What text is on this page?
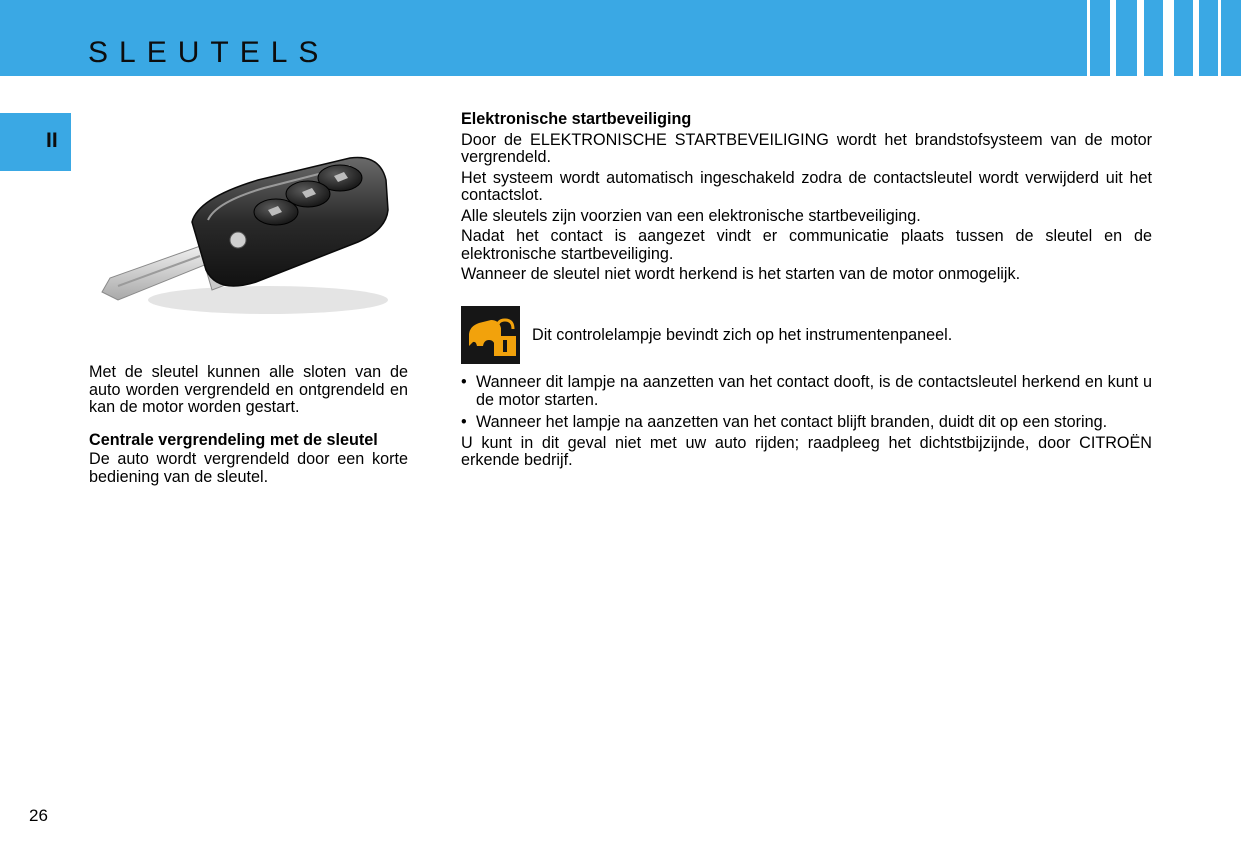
SLEUTELS
II

Met de sleutel kunnen alle sloten van de auto worden vergrendeld en ontgrendeld en kan de motor worden gestart.

Centrale vergrendeling met de sleutel

De auto wordt vergrendeld door een korte bediening van de sleutel.

Elektronische startbeveiliging

Door de ELEKTRONISCHE STARTBEVEILIGING wordt het brandstofsysteem van de motor vergrendeld.

Het systeem wordt automatisch ingeschakeld zodra de contactsleutel wordt verwijderd uit het contactslot.

Alle sleutels zijn voorzien van een elektronische startbeveiliging.

Nadat het contact is aangezet vindt er communicatie plaats tussen de sleutel en de elektronische startbeveiliging.

Wanneer de sleutel niet wordt herkend is het starten van de motor onmogelijk.

Dit controlelampje bevindt zich op het instrumentenpaneel.

• Wanneer dit lampje na aanzetten van het contact dooft, is de contactsleutel herkend en kunt u de motor starten.

• Wanneer het lampje na aanzetten van het contact blijft branden, duidt dit op een storing.

U kunt in dit geval niet met uw auto rijden; raadpleeg het dichtstbijzijnde, door CITROËN erkende bedrijf.

26
